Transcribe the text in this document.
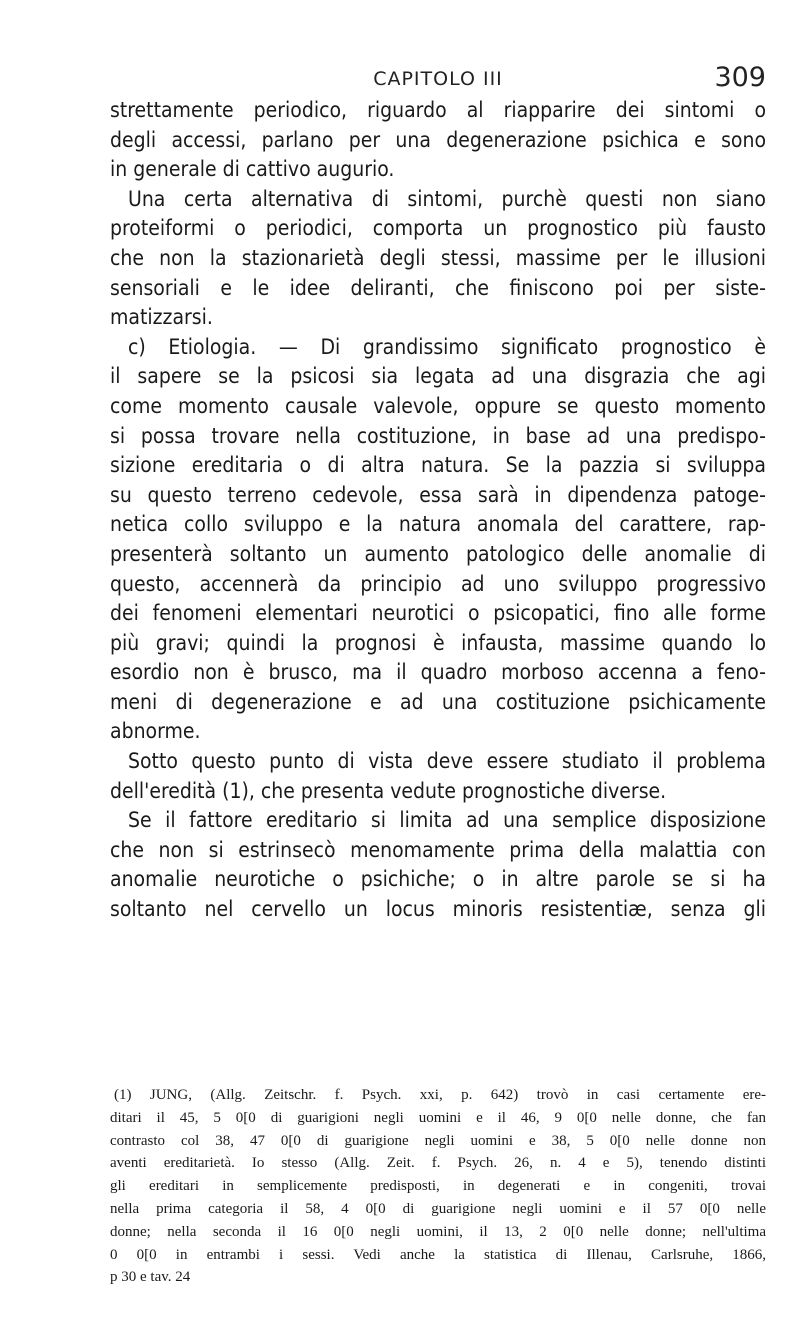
CAPITOLO III	309
strettamente periodico, riguardo al riapparire dei sintomi o
degli accessi, parlano per una degenerazione psichica e sono
in generale di cattivo augurio.
Una certa alternativa di sintomi, purchè questi non siano
proteiformi o periodici, comporta un prognostico più fausto
che non la stazionarietà degli stessi, massime per le illusioni
sensoriali e le idee deliranti, che finiscono poi per siste-
matizzarsi.
c) Etiologia. — Di grandissimo significato prognostico è
il sapere se la psicosi sia legata ad una disgrazia che agi
come momento causale valevole, oppure se questo momento
si possa trovare nella costituzione, in base ad una predispo-
sizione ereditaria o di altra natura. Se la pazzia si sviluppa
su questo terreno cedevole, essa sarà in dipendenza patoge-
netica collo sviluppo e la natura anomala del carattere, rap-
presenterà soltanto un aumento patologico delle anomalie di
questo, accennerà da principio ad uno sviluppo progressivo
dei fenomeni elementari neurotici o psicopatici, fino alle forme
più gravi; quindi la prognosi è infausta, massime quando lo
esordio non è brusco, ma il quadro morboso accenna a feno-
meni di degenerazione e ad una costituzione psichicamente
abnorme.
Sotto questo punto di vista deve essere studiato il problema
dell'eredità (1), che presenta vedute prognostiche diverse.
Se il fattore ereditario si limita ad una semplice disposizione
che non si estrinsecò menomamente prima della malattia con
anomalie neurotiche o psichiche; o in altre parole se si ha
soltanto nel cervello un locus minoris resistentiæ, senza gli
(1) JUNG, (Allg. Zeitschr. f. Psych. xxi, p. 642) trovò in casi certamente ere-
ditari il 45, 5 0[0 di guarigioni negli uomini e il 46, 9 0[0 nelle donne, che fan
contrasto col 38, 47 0[0 di guarigione negli uomini e 38, 5 0[0 nelle donne non
aventi ereditarietà. Io stesso (Allg. Zeit. f. Psych. 26, n. 4 e 5), tenendo distinti
gli ereditari in semplicemente predisposti, in degenerati e in congeniti, trovai
nella prima categoria il 58, 4 0[0 di guarigione negli uomini e il 57 0[0 nelle
donne; nella seconda il 16 0[0 negli uomini, il 13, 2 0[0 nelle donne; nell'ultima
0 0[0 in entrambi i sessi. Vedi anche la statistica di Illenau, Carlsruhe, 1866,
p 30 e tav. 24
